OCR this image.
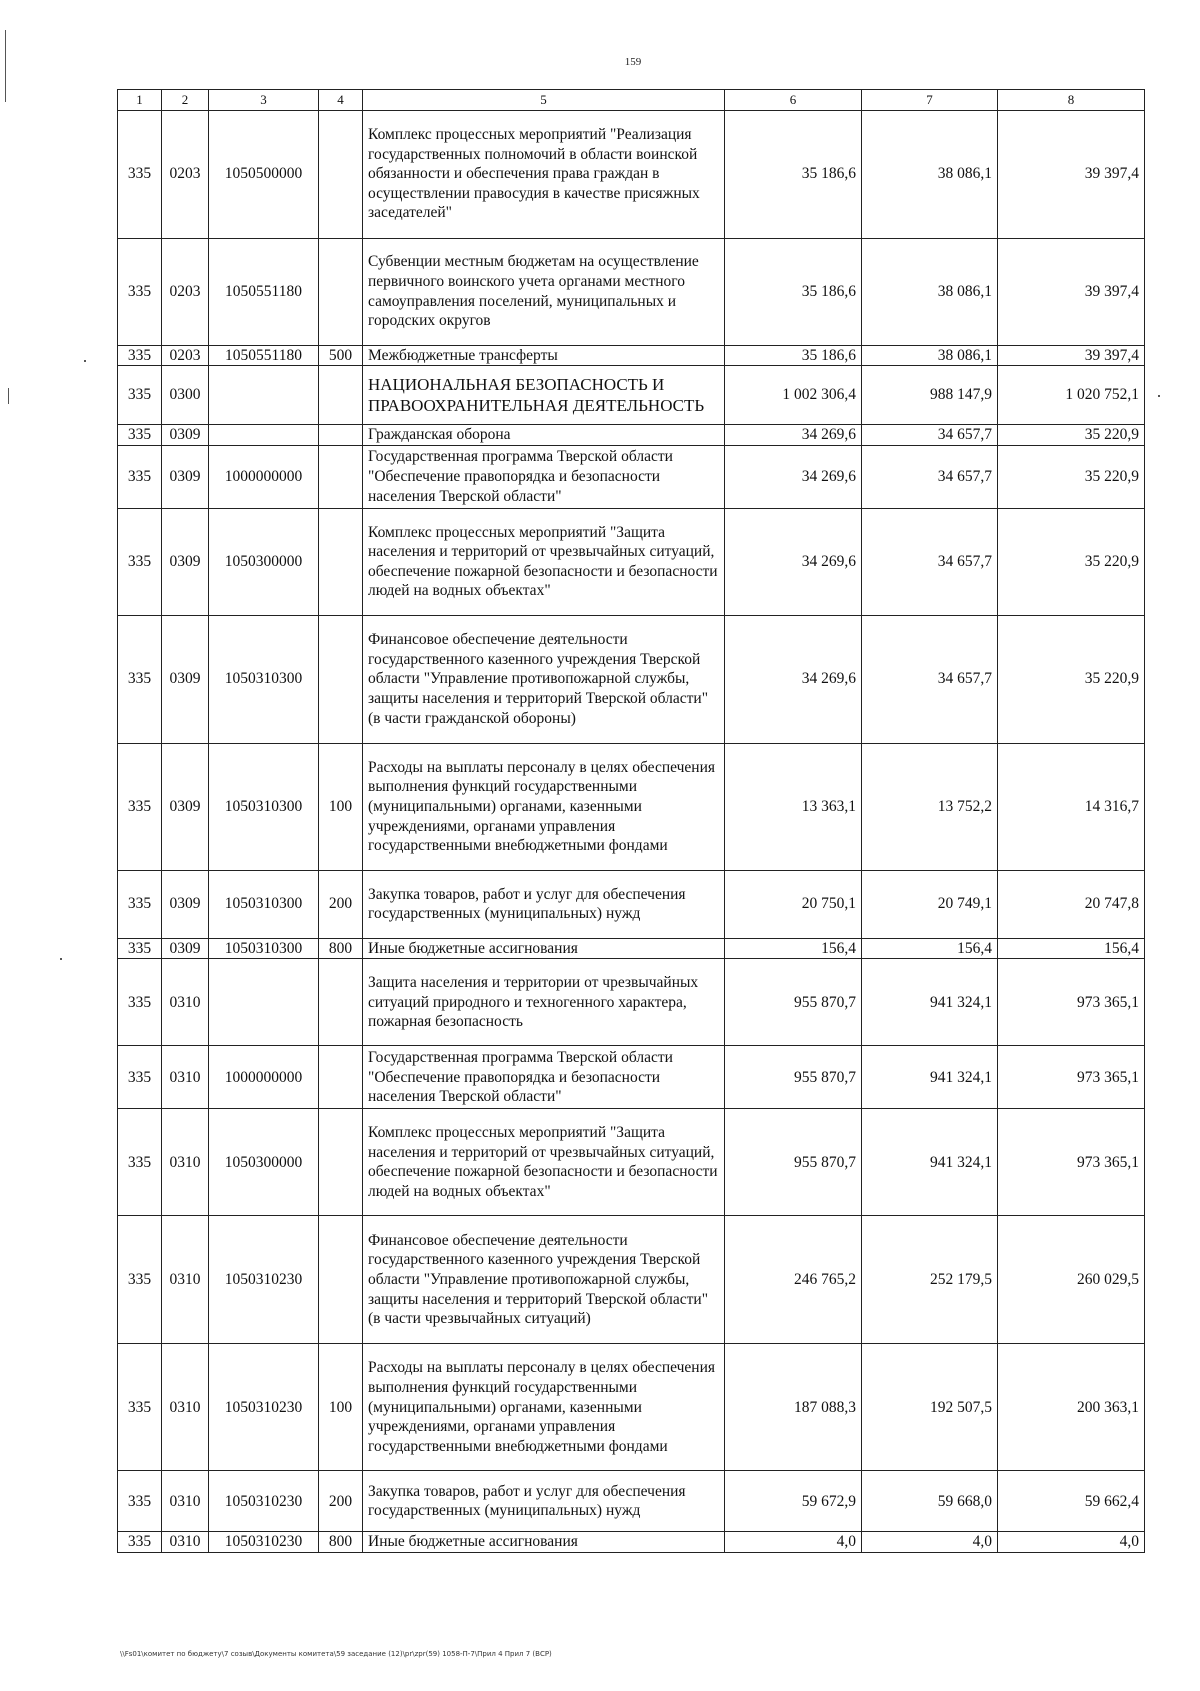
159
1	2	3	4	5	6	7	8
335	0203	1050500000		Комплекс процессных мероприятий "Реализация государственных полномочий в области воинской обязанности и обеспечения права граждан в осуществлении правосудия в качестве присяжных заседателей"	35 186,6	38 086,1	39 397,4
335	0203	1050551180		Субвенции местным бюджетам на осуществление первичного воинского учета органами местного самоуправления поселений, муниципальных и городских округов	35 186,6	38 086,1	39 397,4
335	0203	1050551180	500	Межбюджетные трансферты	35 186,6	38 086,1	39 397,4
335	0300			НАЦИОНАЛЬНАЯ БЕЗОПАСНОСТЬ И ПРАВООХРАНИТЕЛЬНАЯ ДЕЯТЕЛЬНОСТЬ	1 002 306,4	988 147,9	1 020 752,1
335	0309			Гражданская оборона	34 269,6	34 657,7	35 220,9
335	0309	1000000000		Государственная программа Тверской области "Обеспечение правопорядка и безопасности населения Тверской области"	34 269,6	34 657,7	35 220,9
335	0309	1050300000		Комплекс процессных мероприятий "Защита населения и территорий от чрезвычайных ситуаций, обеспечение пожарной безопасности и безопасности людей на водных объектах"	34 269,6	34 657,7	35 220,9
335	0309	1050310300		Финансовое обеспечение деятельности государственного казенного учреждения Тверской области "Управление противопожарной службы, защиты населения и территорий Тверской области" (в части гражданской обороны)	34 269,6	34 657,7	35 220,9
335	0309	1050310300	100	Расходы на выплаты персоналу в целях обеспечения выполнения функций государственными (муниципальными) органами, казенными учреждениями, органами управления государственными внебюджетными фондами	13 363,1	13 752,2	14 316,7
335	0309	1050310300	200	Закупка товаров, работ и услуг для обеспечения государственных (муниципальных) нужд	20 750,1	20 749,1	20 747,8
335	0309	1050310300	800	Иные бюджетные ассигнования	156,4	156,4	156,4
335	0310			Защита населения и территории от чрезвычайных ситуаций природного и техногенного характера, пожарная безопасность	955 870,7	941 324,1	973 365,1
335	0310	1000000000		Государственная программа Тверской области "Обеспечение правопорядка и безопасности населения Тверской области"	955 870,7	941 324,1	973 365,1
335	0310	1050300000		Комплекс процессных мероприятий "Защита населения и территорий от чрезвычайных ситуаций, обеспечение пожарной безопасности и безопасности людей на водных объектах"	955 870,7	941 324,1	973 365,1
335	0310	1050310230		Финансовое обеспечение деятельности государственного казенного учреждения Тверской области "Управление противопожарной службы, защиты населения и территорий Тверской области" (в части чрезвычайных ситуаций)	246 765,2	252 179,5	260 029,5
335	0310	1050310230	100	Расходы на выплаты персоналу в целях обеспечения выполнения функций государственными (муниципальными) органами, казенными учреждениями, органами управления государственными внебюджетными фондами	187 088,3	192 507,5	200 363,1
335	0310	1050310230	200	Закупка товаров, работ и услуг для обеспечения государственных (муниципальных) нужд	59 672,9	59 668,0	59 662,4
335	0310	1050310230	800	Иные бюджетные ассигнования	4,0	4,0	4,0
\\Fs01\комитет по бюджету\7 созыв\Документы комитета\59 заседание (12)\pr\zpr(59) 1058-П-7\Прил 4 Прил 7 (ВСР)
